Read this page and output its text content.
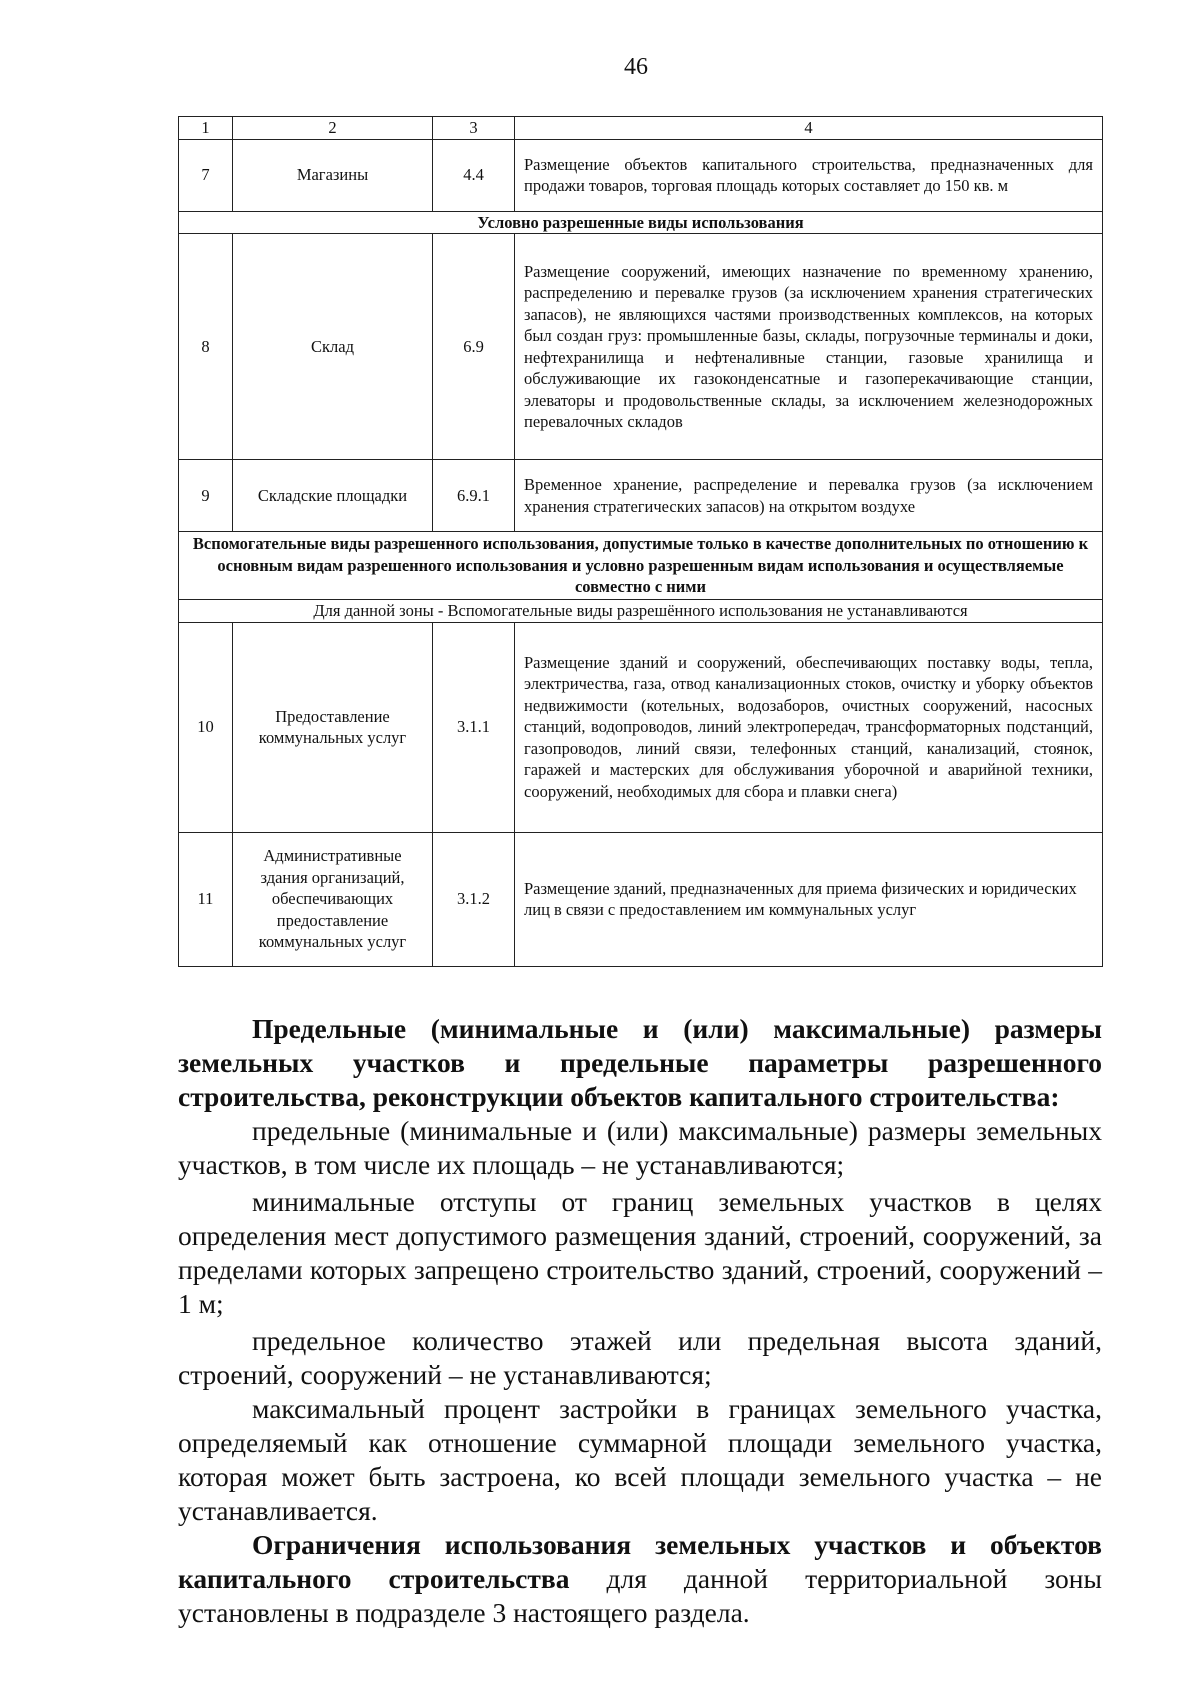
46
1	2	3	4
7	Магазины	4.4	Размещение объектов капитального строительства, предназначенных для продажи товаров, торговая площадь которых составляет до 150 кв. м
Условно разрешенные виды использования			
8	Склад	6.9	Размещение сооружений, имеющих назначение по временному хранению, распределению и перевалке грузов (за исключением хранения стратегических запасов), не являющихся частями производственных комплексов, на которых был создан груз: промышленные базы, склады, погрузочные терминалы и доки, нефтехранилища и нефтеналивные станции, газовые хранилища и обслуживающие их газоконденсатные и газоперекачивающие станции, элеваторы и продовольственные склады, за исключением железнодорожных перевалочных складов
9	Складские площадки	6.9.1	Временное хранение, распределение и перевалка грузов (за исключением хранения стратегических запасов) на открытом воздухе
Вспомогательные виды разрешенного использования, допустимые только в качестве дополнительных по отношению к основным видам разрешенного использования и условно разрешенным видам использования и осуществляемые совместно с ними			
Для данной зоны - Вспомогательные виды разрешённого использования не устанавливаются			
10	Предоставление коммунальных услуг	3.1.1	Размещение зданий и сооружений, обеспечивающих поставку воды, тепла, электричества, газа, отвод канализационных стоков, очистку и уборку объектов недвижимости (котельных, водозаборов, очистных сооружений, насосных станций, водопроводов, линий электропередач, трансформаторных подстанций, газопроводов, линий связи, телефонных станций, канализаций, стоянок, гаражей и мастерских для обслуживания уборочной и аварийной техники, сооружений, необходимых для сбора и плавки снега)
11	Административные здания организаций, обеспечивающих предоставление коммунальных услуг	3.1.2	Размещение зданий, предназначенных для приема физических и юридических лиц в связи с предоставлением им коммунальных услуг

Предельные (минимальные и (или) максимальные) размеры земельных участков и предельные параметры разрешенного строительства, реконструкции объектов капитального строительства:

предельные (минимальные и (или) максимальные) размеры земельных участков, в том числе их площадь – не устанавливаются;

минимальные отступы от границ земельных участков в целях определения мест допустимого размещения зданий, строений, сооружений, за пределами которых запрещено строительство зданий, строений, сооружений – 1 м;

предельное количество этажей или предельная высота зданий, строений, сооружений – не устанавливаются;

максимальный процент застройки в границах земельного участка, определяемый как отношение суммарной площади земельного участка, которая может быть застроена, ко всей площади земельного участка – не устанавливается.

Ограничения использования земельных участков и объектов капитального строительства для данной территориальной зоны установлены в подразделе 3 настоящего раздела.
